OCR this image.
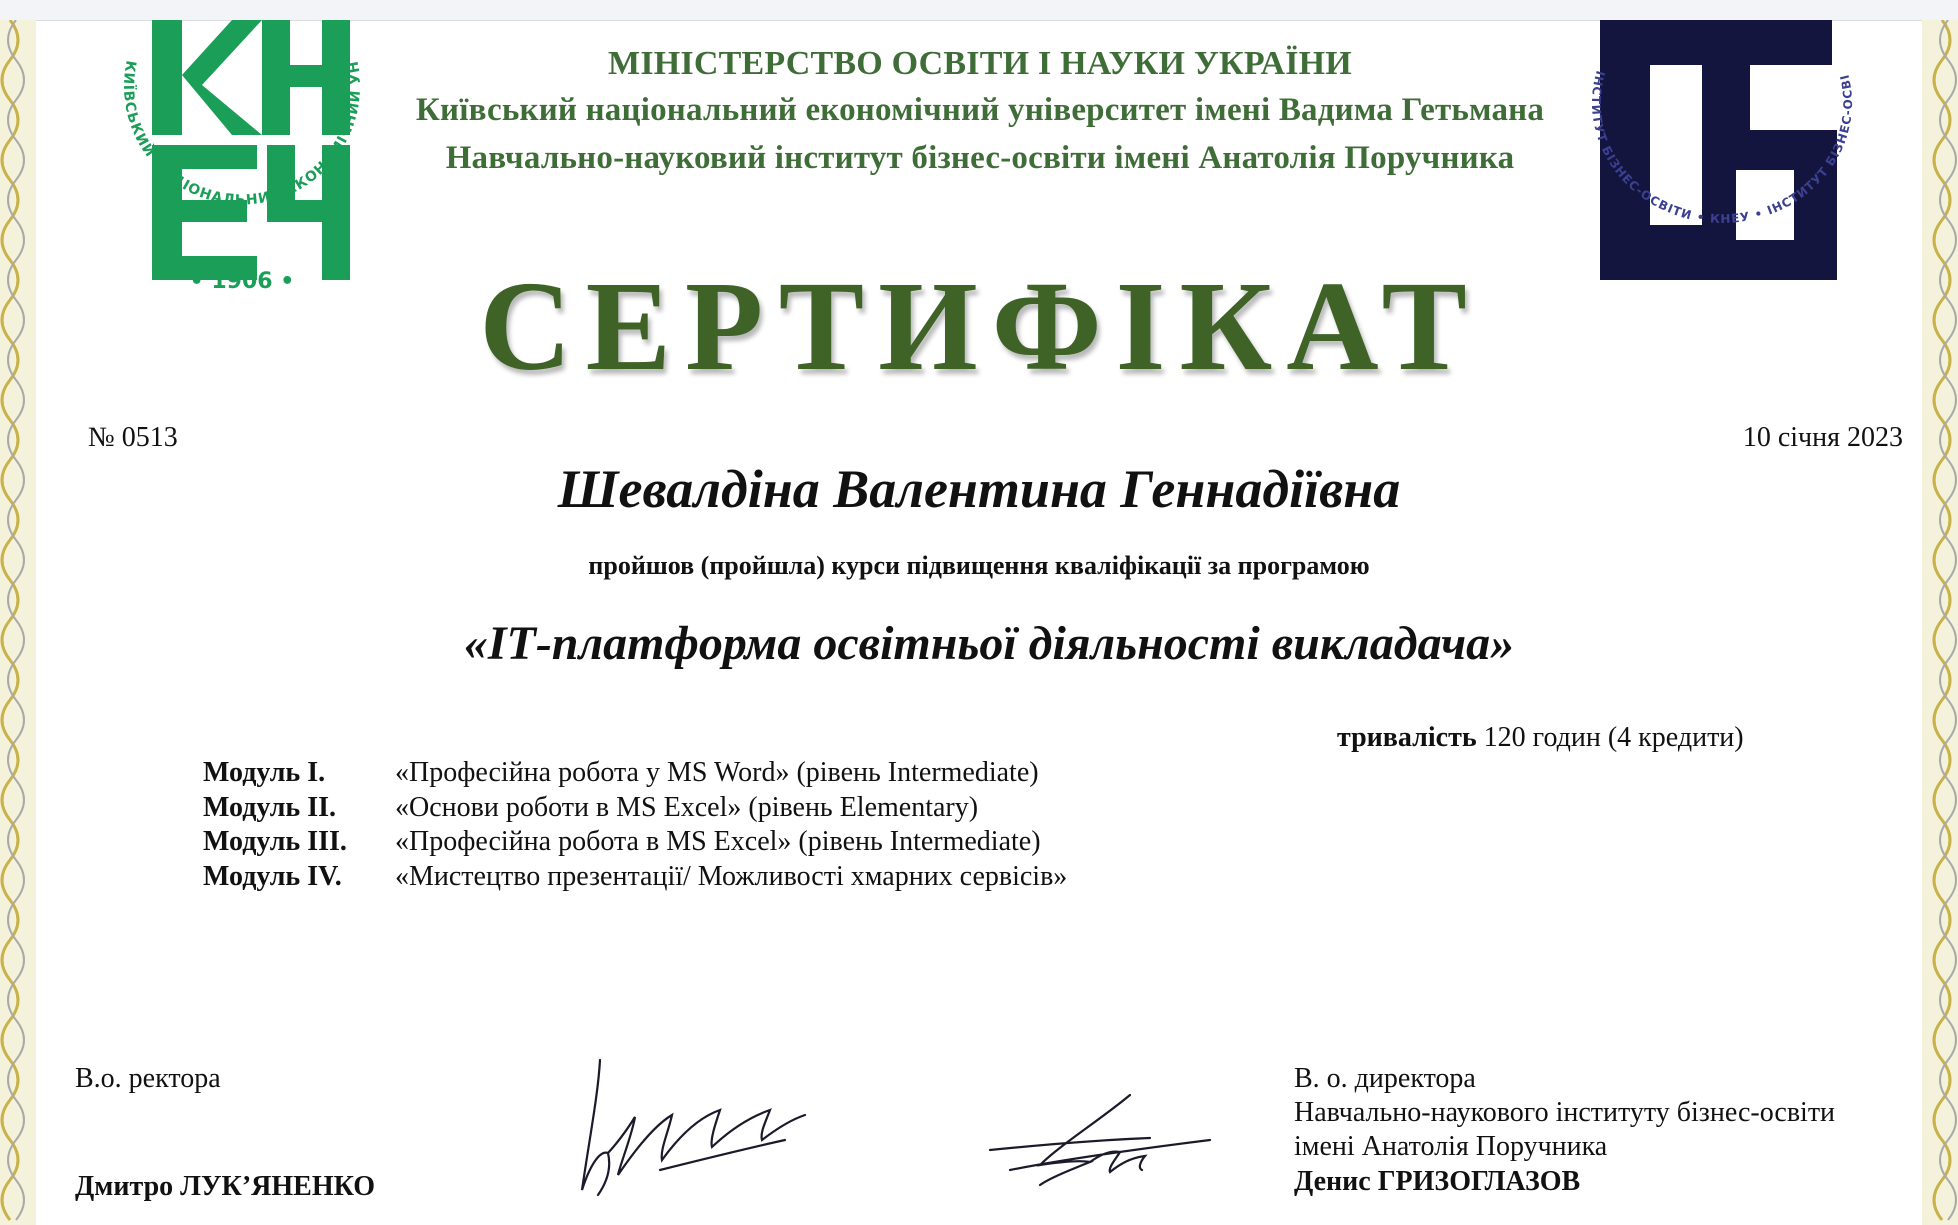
КИЇВСЬКИЙ НАЦІОНАЛЬНИЙ ЕКОНОМІЧНИЙ УН
• 1906 •
ІНСТИТУТ БІЗНЕС-ОСВІТИ • КНЕУ • ІНСТИТУТ БІЗНЕС-ОСВІ
МІНІСТЕРСТВО ОСВІТИ І НАУКИ УКРАЇНИ
Київський національний економічний університет імені Вадима Гетьмана
Навчально-науковий інститут бізнес-освіти імені Анатолія Поручника
СЕРТИФІКАТ
№ 0513	10 січня 2023
Шевалдіна Валентина Геннадіївна
пройшов (пройшла) курси підвищення кваліфікації за програмою
«ІТ-платформа освітньої діяльності викладача»
тривалість 120 годин (4 кредити)
Модуль І. «Професійна робота у MS Word» (рівень Intermediate)
Модуль ІІ. «Основи роботи в MS Excel» (рівень Elementary)
Модуль ІІІ. «Професійна робота в MS Excel» (рівень Intermediate)
Модуль IV. «Мистецтво презентації/ Можливості хмарних сервісів»
В.о. ректора
Дмитро ЛУК’ЯНЕНКО
В. о. директора
Навчально-наукового інституту бізнес-освіти
імені Анатолія Поручника
Денис ГРИЗОГЛАЗОВ
